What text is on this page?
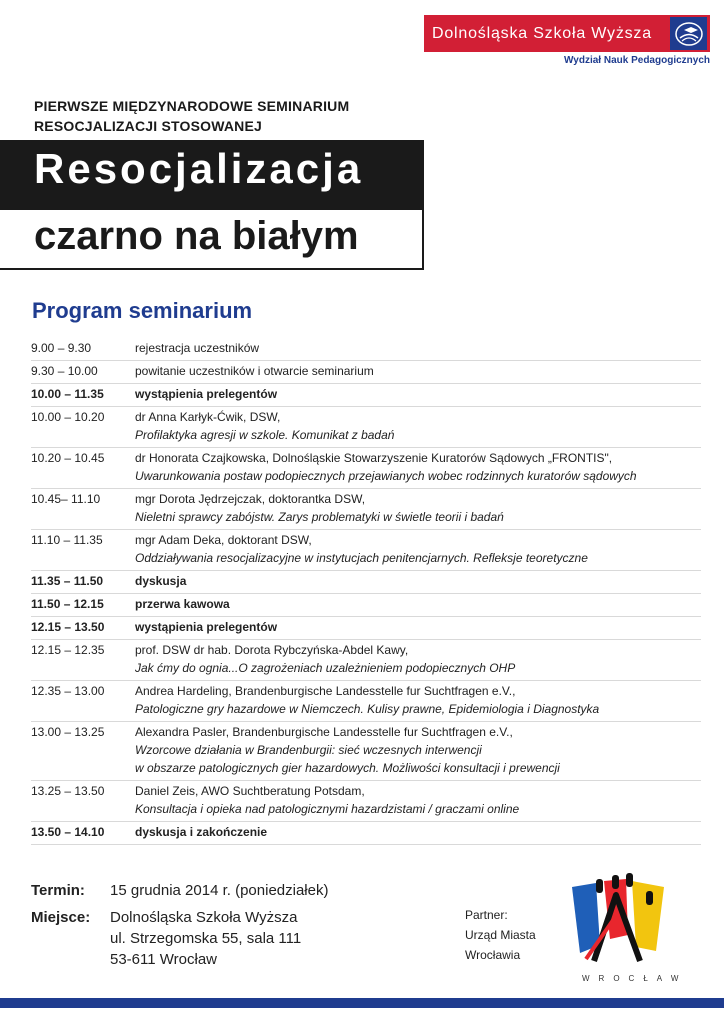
Dolnośląska Szkoła Wyższa
Wydział Nauk Pedagogicznych
PIERWSZE MIĘDZYNARODOWE SEMINARIUM
RESOCJALIZACJI STOSOWANEJ
Resocjalizacja
czarno na białym
Program seminarium
9.00 – 9.30	rejestracja uczestników
9.30 – 10.00	powitanie uczestników i otwarcie seminarium
10.00 – 11.35	wystąpienia prelegentów
10.00 – 10.20	dr Anna Karłyk-Ćwik, DSW,
Profilaktyka agresji w szkole. Komunikat z badań
10.20 – 10.45	dr Honorata Czajkowska, Dolnośląskie Stowarzyszenie Kuratorów Sądowych „FRONTIS",
Uwarunkowania postaw podopiecznych przejawianych wobec rodzinnych kuratorów sądowych
10.45– 11.10	mgr Dorota Jędrzejczak, doktorantka DSW,
Nieletni sprawcy zabójstw. Zarys problematyki w świetle teorii i badań
11.10 – 11.35	mgr Adam Deka, doktorant DSW,
Oddziaływania resocjalizacyjne w instytucjach penitencjarnych. Refleksje teoretyczne
11.35 – 11.50	dyskusja
11.50 – 12.15	przerwa kawowa
12.15 – 13.50	wystąpienia prelegentów
12.15 – 12.35	prof. DSW dr hab. Dorota Rybczyńska-Abdel Kawy,
Jak ćmy do ognia...O zagrożeniach uzależnieniem podopiecznych OHP
12.35 – 13.00	Andrea Hardeling, Brandenburgische Landesstelle fur Suchtfragen e.V.,
Patologiczne gry hazardowe w Niemczech. Kulisy prawne, Epidemiologia i Diagnostyka
13.00 – 13.25	Alexandra Pasler, Brandenburgische Landesstelle fur Suchtfragen e.V.,
Wzorcowe działania w Brandenburgii: sieć wczesnych interwencji
w obszarze patologicznych gier hazardowych. Możliwości konsultacji i prewencji
13.25 – 13.50	Daniel Zeis, AWO Suchtberatung Potsdam,
Konsultacja i opieka nad patologicznymi hazardzistami / graczami online
13.50 – 14.10	dyskusja i zakończenie
Termin:	15 grudnia 2014 r. (poniedziałek)
Miejsce:	Dolnośląska Szkoła Wyższa
ul. Strzegomska 55, sala 111
53-611 Wrocław
Partner:
Urząd Miasta
Wrocławia
WROCŁAW
